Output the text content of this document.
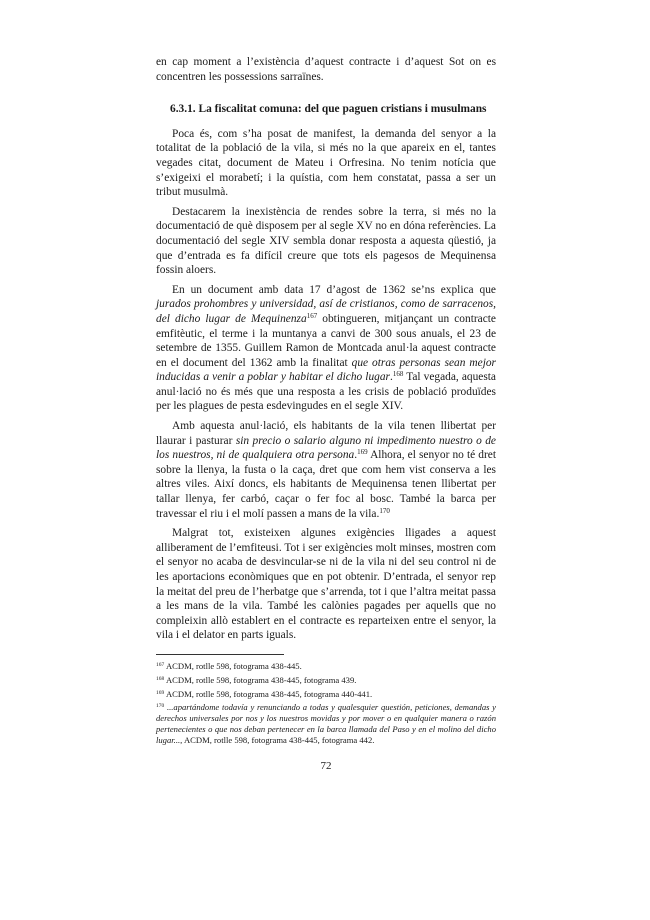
en cap moment a l’existència d’aquest contracte i d’aquest Sot on es concentren les possessions sarraïnes.

6.3.1. La fiscalitat comuna: del que paguen cristians i musulmans

Poca és, com s’ha posat de manifest, la demanda del senyor a la totalitat de la població de la vila, si més no la que apareix en el, tantes vegades citat, document de Mateu i Orfresina. No tenim notícia que s’exigeixi el morabetí; i la quístia, com hem constatat, passa a ser un tribut musulmà.

Destacarem la inexistència de rendes sobre la terra, si més no la documentació de què disposem per al segle XV no en dóna referències. La documentació del segle XIV sembla donar resposta a aquesta qüestió, ja que d’entrada es fa difícil creure que tots els pagesos de Mequinensa fossin aloers.

En un document amb data 17 d’agost de 1362 se’ns explica que jurados prohombres y universidad, así de cristianos, como de sarracenos, del dicho lugar de Mequinenza$^{167}$ obtingueren, mitjançant un contracte emfitèutic, el terme i la muntanya a canvi de 300 sous anuals, el 23 de setembre de 1355. Guillem Ramon de Montcada anul·la aquest contracte en el document del 1362 amb la finalitat que otras personas sean mejor inducidas a venir a poblar y habitar el dicho lugar.$^{168}$ Tal vegada, aquesta anul·lació no és més que una resposta a les crisis de població produïdes per les plagues de pesta esdevingudes en el segle XIV.

Amb aquesta anul·lació, els habitants de la vila tenen llibertat per llaurar i pasturar sin precio o salario alguno ni impedimento nuestro o de los nuestros, ni de qualquiera otra persona.$^{169}$ Alhora, el senyor no té dret sobre la llenya, la fusta o la caça, dret que com hem vist conserva a les altres viles. Així doncs, els habitants de Mequinensa tenen llibertat per tallar llenya, fer carbó, caçar o fer foc al bosc. També la barca per travessar el riu i el molí passen a mans de la vila.$^{170}$

Malgrat tot, existeixen algunes exigències lligades a aquest alliberament de l’emfiteusi. Tot i ser exigències molt minses, mostren com el senyor no acaba de desvincular-se ni de la vila ni del seu control ni de les aportacions econòmiques que en pot obtenir. D’entrada, el senyor rep la meitat del preu de l’herbatge que s’arrenda, tot i que l’altra meitat passa a les mans de la vila. També les calònies pagades per aquells que no compleixin allò establert en el contracte es reparteixen entre el senyor, la vila i el delator en parts iguals.

$^{167}$ ACDM, rotlle 598, fotograma 438-445.
$^{168}$ ACDM, rotlle 598, fotograma 438-445, fotograma 439.
$^{169}$ ACDM, rotlle 598, fotograma 438-445, fotograma 440-441.
$^{170}$ ...apartándome todavía y renunciando a todas y qualesquier questión, peticiones, demandas y derechos universales por nos y los nuestros movidas y por mover o en qualquier manera o razón pertenecientes o que nos deban pertenecer en la barca llamada del Paso y en el molino del dicho lugar..., ACDM, rotlle 598, fotograma 438-445, fotograma 442.
72
